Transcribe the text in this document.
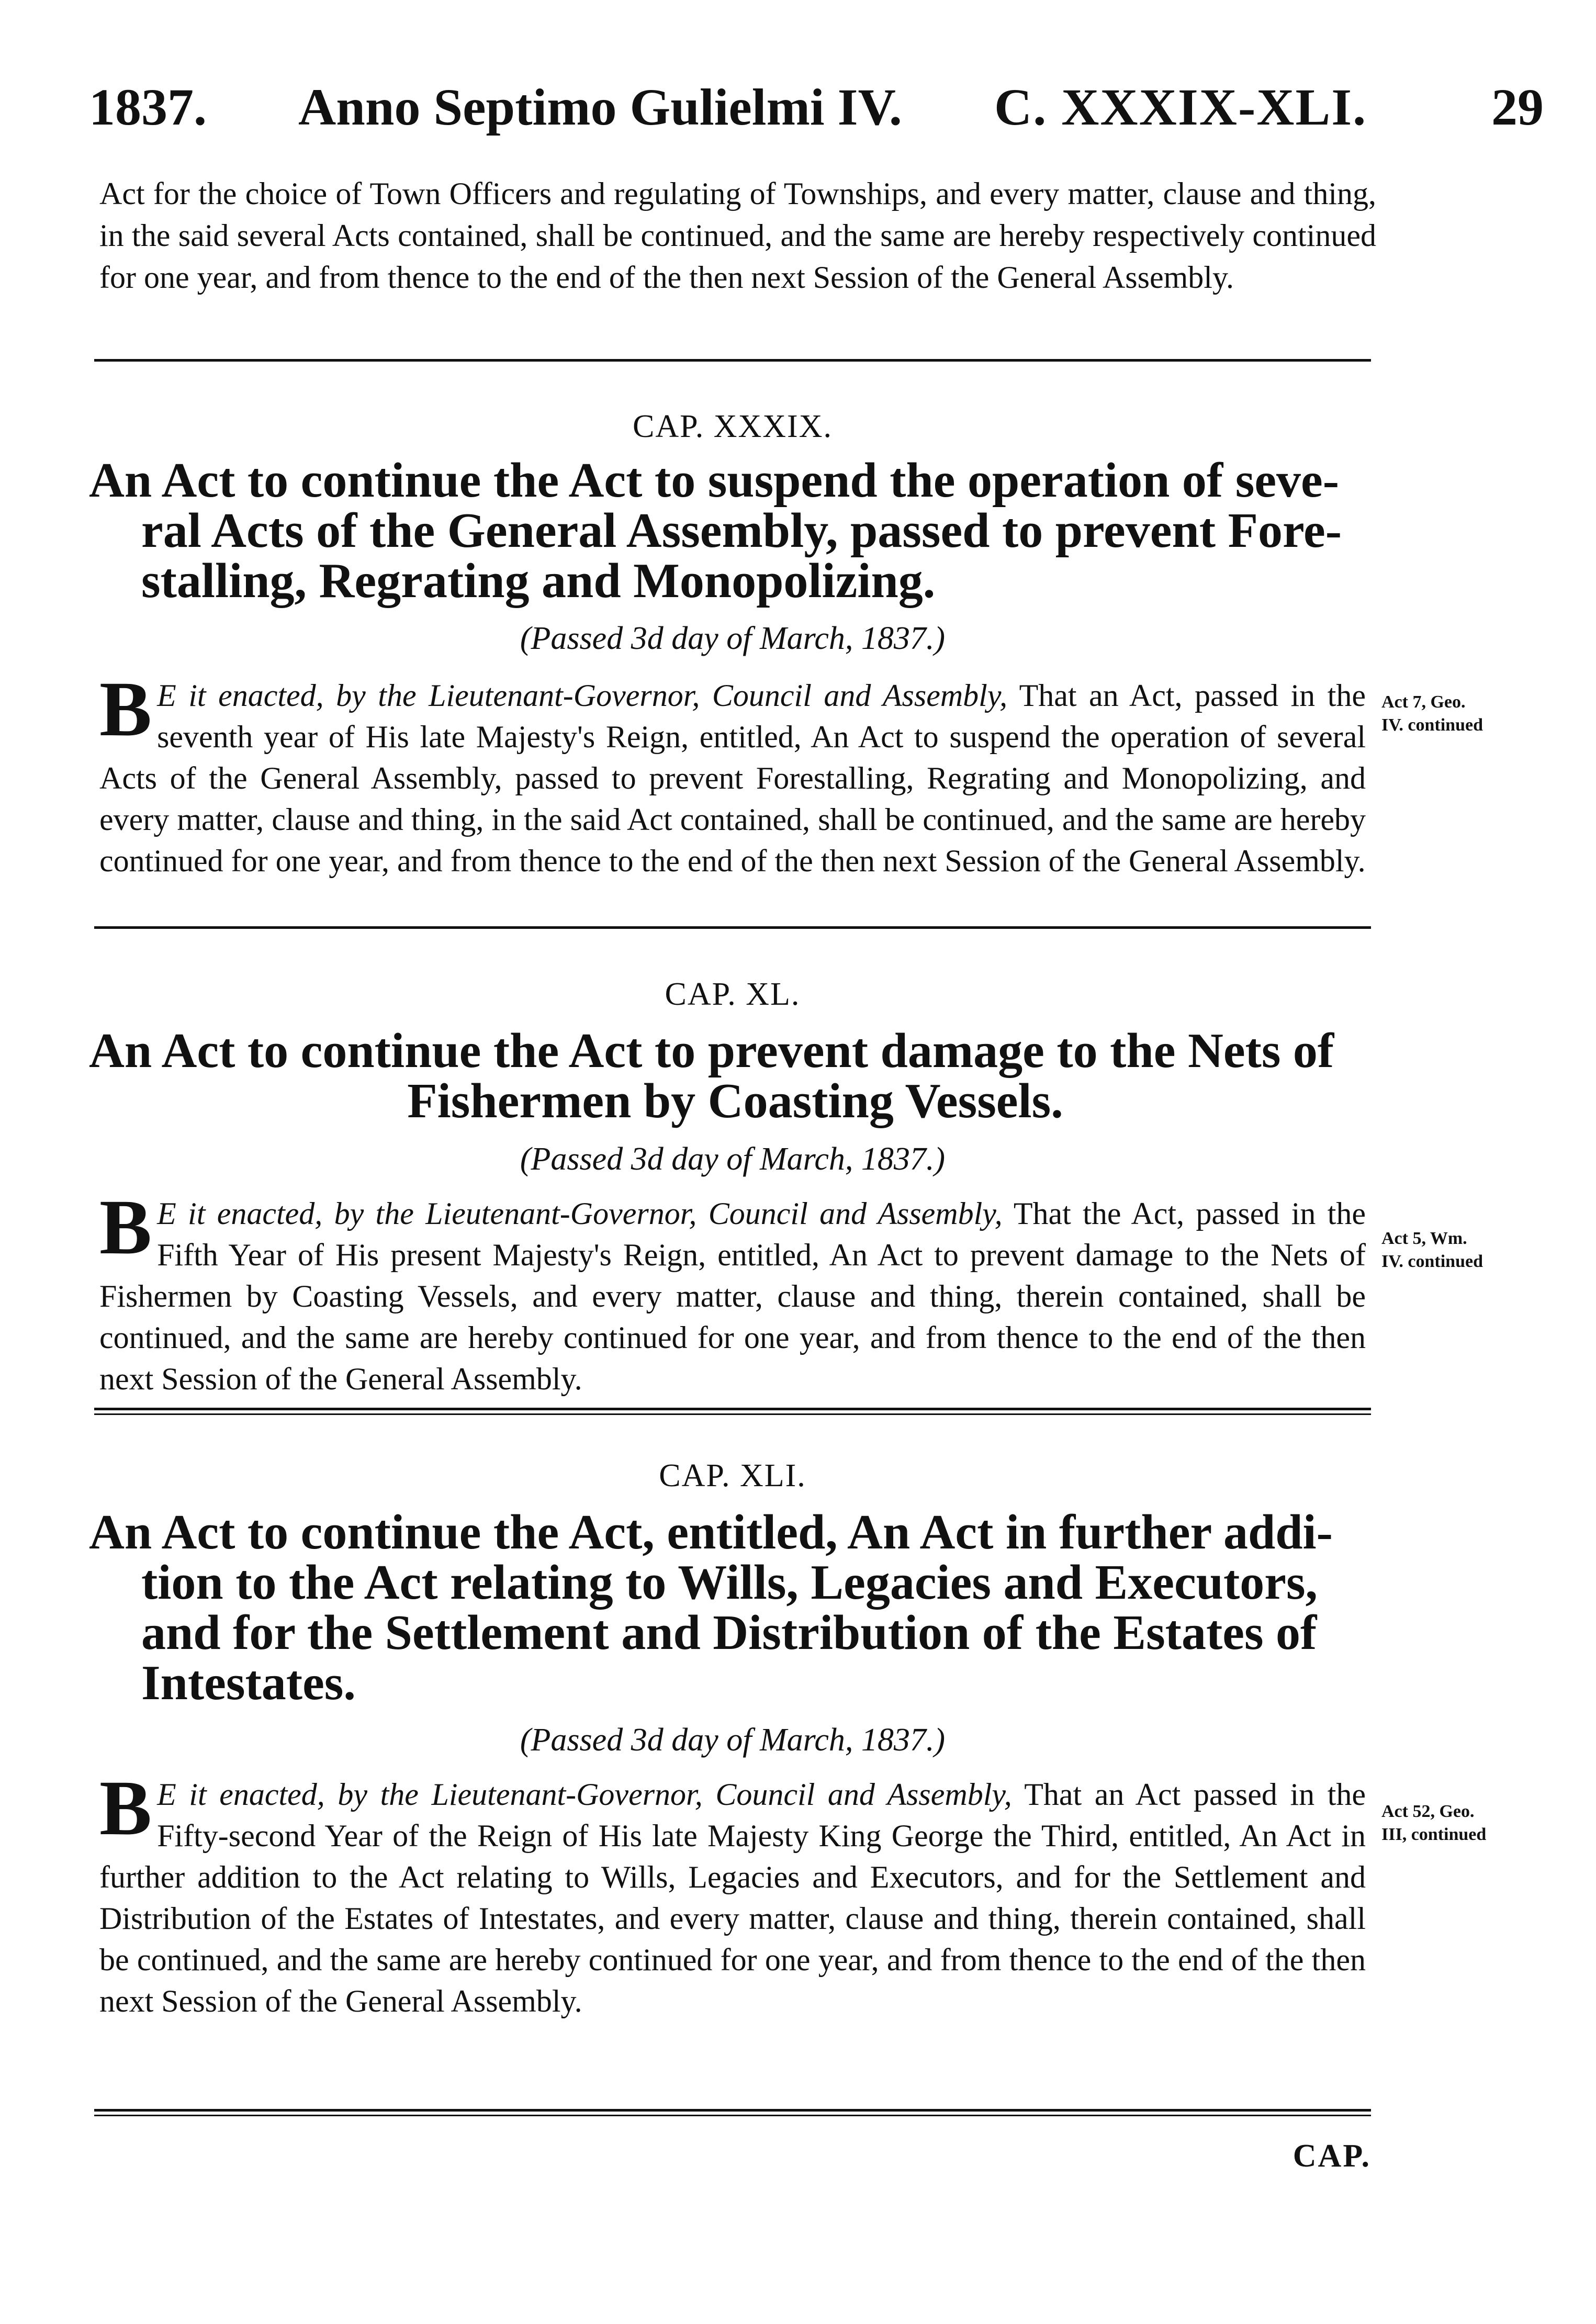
1837. Anno Septimo Gulielmi IV. C. XXXIX-XLI. 29

Act for the choice of Town Officers and regulating of Townships, and every matter, clause and thing, in the said several Acts contained, shall be continued, and the same are hereby respectively continued for one year, and from thence to the end of the then next Session of the General Assembly.

CAP. XXXIX.
An Act to continue the Act to suspend the operation of seve-
ral Acts of the General Assembly, passed to prevent Fore-
stalling, Regrating and Monopolizing.
(Passed 3d day of March, 1837.)

B E it enacted, by the Lieutenant-Governor, Council and Assembly, That an Act, passed in the seventh year of His late Majesty's Reign, entitled, An Act to suspend the operation of several Acts of the General Assembly, passed to prevent Forestalling, Regrating and Monopolizing, and every matter, clause and thing, in the said Act contained, shall be continued, and the same are hereby continued for one year, and from thence to the end of the then next Session of the General Assembly.

Act 7, Geo.
IV. continued
CAP. XL.
An Act to continue the Act to prevent damage to the Nets of
Fishermen by Coasting Vessels.
(Passed 3d day of March, 1837.)

B E it enacted, by the Lieutenant-Governor, Council and Assembly, That the Act, passed in the Fifth Year of His present Majesty's Reign, entitled, An Act to prevent damage to the Nets of Fishermen by Coasting Vessels, and every matter, clause and thing, therein contained, shall be continued, and the same are hereby continued for one year, and from thence to the end of the then next Session of the General Assembly.

Act 5, Wm.
IV. continued
CAP. XLI.
An Act to continue the Act, entitled, An Act in further addi-
tion to the Act relating to Wills, Legacies and Executors,
and for the Settlement and Distribution of the Estates of
Intestates.
(Passed 3d day of March, 1837.)

B E it enacted, by the Lieutenant-Governor, Council and Assembly, That an Act passed in the Fifty-second Year of the Reign of His late Majesty King George the Third, entitled, An Act in further addition to the Act relating to Wills, Legacies and Executors, and for the Settlement and Distribution of the Estates of Intestates, and every matter, clause and thing, therein contained, shall be continued, and the same are hereby continued for one year, and from thence to the end of the then next Session of the General Assembly.

Act 52, Geo.
III, continued
CAP.
